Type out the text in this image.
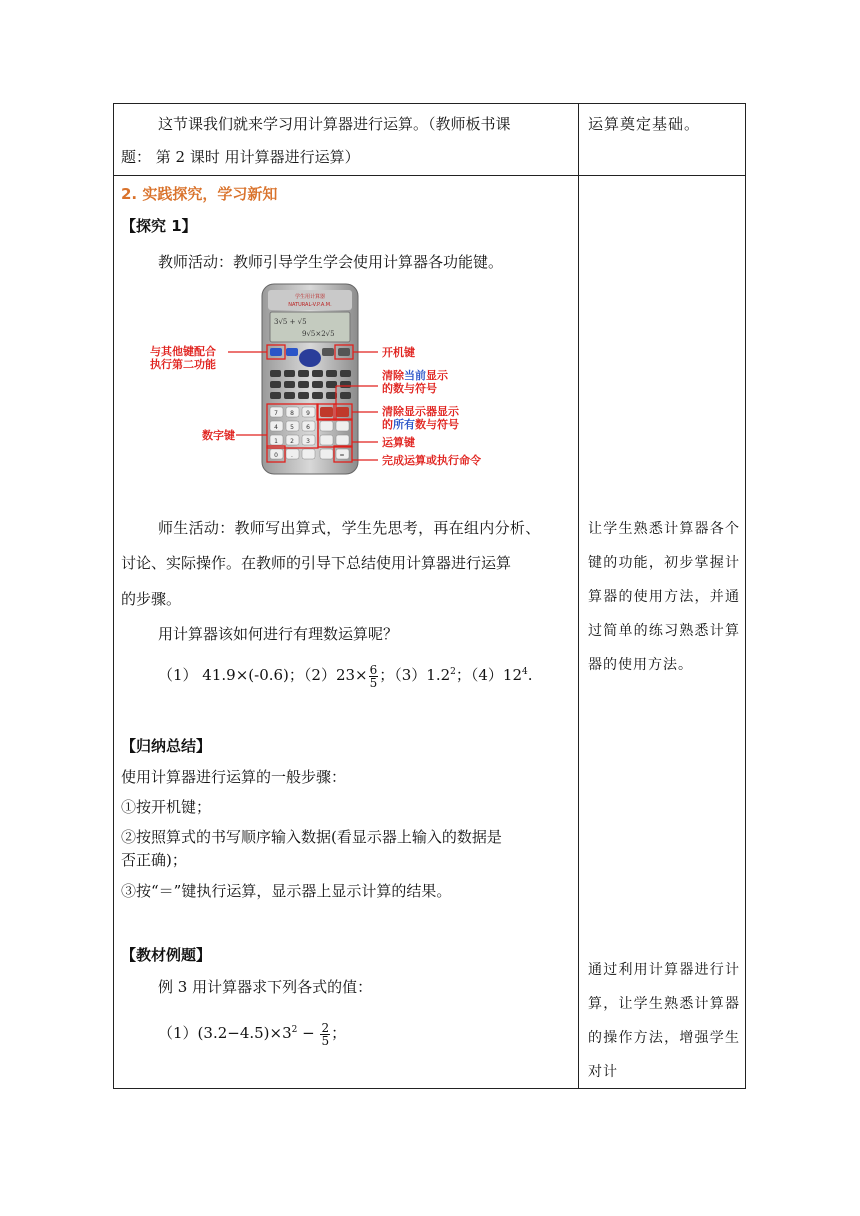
这节课我们就来学习用计算器进行运算。（教师板书课
题： 第 2 课时 用计算器进行运算）
运算奠定基础。
2. 实践探究，学习新知
【探究 1】
教师活动：教师引导学生学会使用计算器各功能键。
学生用计算器
NATURAL-V.P.A.M.
3√5 + √5
9√5×2√5
7 8 9
4 5 6
1 2 3
0 .	=
与其他键配合
执行第二功能
开机键
清除当前显示
的数与符号
清除显示器显示
的所有数与符号
数字键
运算键
完成运算或执行命令
师生活动：教师写出算式，学生先思考，再在组内分析、
讨论、实际操作。在教师的引导下总结使用计算器进行运算
的步骤。
用计算器该如何进行有理数运算呢？
（1） 41.9×(-0.6)；$(2)23\times \frac{6}{5}$ ；$(3)1.2^2$；$(4)12^4$.
让学生熟悉计算器各个键的功能，初步掌握计算器的使用方法，并通过简单的练习熟悉计算器的使用方法。
【归纳总结】
使用计算器进行运算的一般步骤：
①按开机键；
②按照算式的书写顺序输入数据(看显示器上输入的数据是
否正确)；
③按“＝”键执行运算，显示器上显示计算的结果。
【教材例题】
例 3 用计算器求下列各式的值：
$(1)(3.2-4.5)\times 3^2 - \frac{2}{5}$ ；
通过利用计算器进行计算，让学生熟悉计算器的操作方法，增强学生对计
